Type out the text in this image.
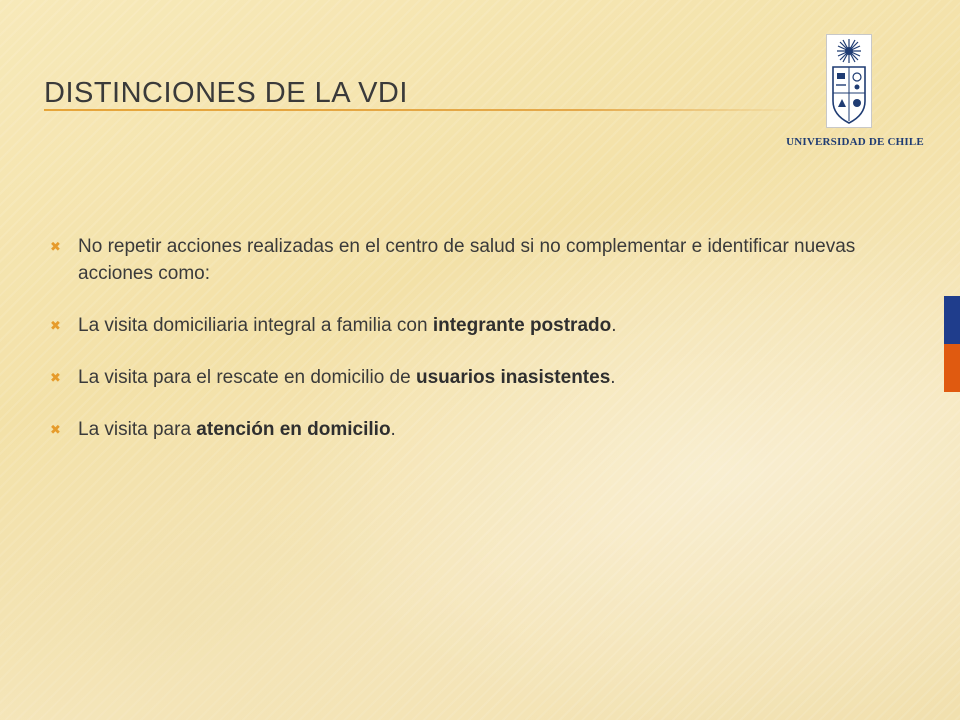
DISTINCIONES DE LA VDI
UNIVERSIDAD DE CHILE
✖ No repetir acciones realizadas en el centro de salud si no complementar e identificar nuevas acciones como:
✖ La visita domiciliaria integral a familia con integrante postrado.
✖ La visita para el rescate en domicilio de usuarios inasistentes.
✖ La visita para atención en domicilio.
